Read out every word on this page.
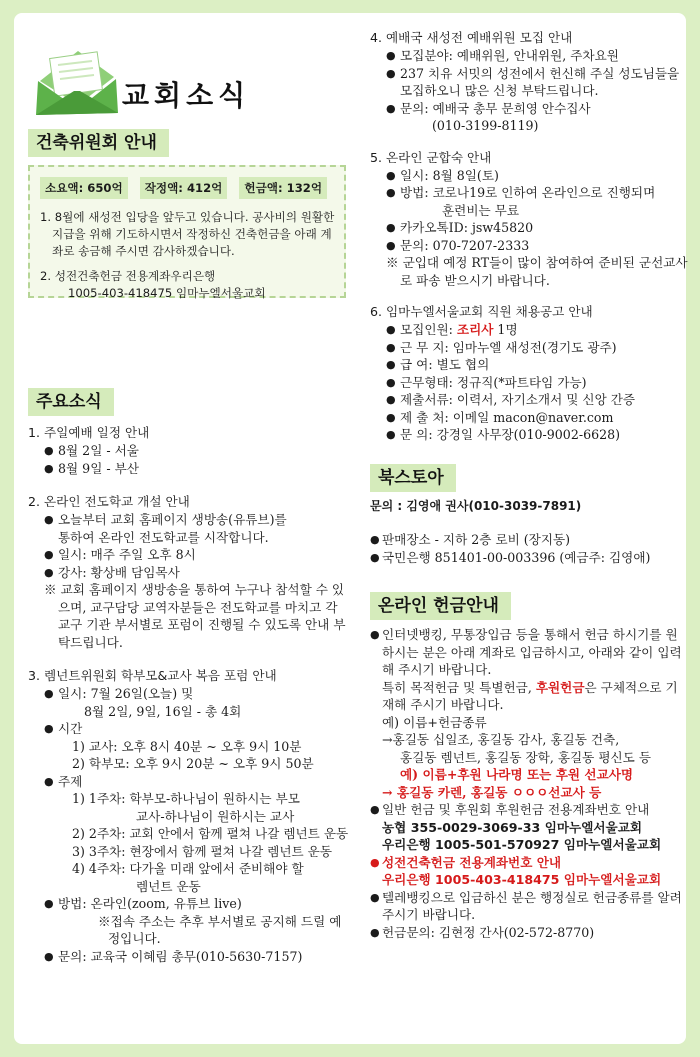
교회소식
건축위원회 안내
소요액: 650억	작정액: 412억	헌금액: 132억
1. 8월에 새성전 입당을 앞두고 있습니다. 공사비의 원활한 지급을 위해 기도하시면서 작정하신 건축헌금을 아래 계좌로 송금해 주시면 감사하겠습니다.
2. 성전건축헌금 전용계좌우리은행
1005-403-418475 임마누엘서울교회
주요소식
1. 주일예배 일정 안내
● 8월 2일 - 서울
● 8월 9일 - 부산
2. 온라인 전도학교 개설 안내
● 오늘부터 교회 홈페이지 생방송(유튜브)를
통하여 온라인 전도학교를 시작합니다.
● 일시: 매주 주일 오후 8시
● 강사: 황상배 담임목사
※ 교회 홈페이지 생방송을 통하여 누구나 참석할 수 있으며, 교구담당 교역자분들은 전도학교를 마치고 각 교구 기관 부서별로 포럼이 진행될 수 있도록 안내 부탁드립니다.
3. 렘넌트위원회 학부모&교사 복음 포럼 안내
● 일시: 7월 26일(오늘) 및
8월 2일, 9일, 16일 - 총 4회
● 시간
1) 교사: 오후 8시 40분 ~ 오후 9시 10분
2) 학부모: 오후 9시 20분 ~ 오후 9시 50분
● 주제
1) 1주차: 학부모-하나님이 원하시는 부모
교사-하나님이 원하시는 교사
2) 2주차: 교회 안에서 함께 펼쳐 나갈 렘넌트 운동
3) 3주차: 현장에서 함께 펼쳐 나갈 렘넌트 운동
4) 4주차: 다가올 미래 앞에서 준비해야 할
렘넌트 운동
● 방법: 온라인(zoom, 유튜브 live)
※접속 주소는 추후 부서별로 공지해 드릴 예정입니다.
● 문의: 교육국 이혜림 총무(010-5630-7157)
4. 예배국 새성전 예배위원 모집 안내
● 모집분야: 예배위원, 안내위원, 주차요원
● 237 치유 서밋의 성전에서 헌신해 주실 성도님들을 모집하오니 많은 신청 부탁드립니다.
● 문의: 예배국 총무 문희영 안수집사
(010-3199-8119)
5. 온라인 군합숙 안내
● 일시: 8월 8일(토)
● 방법: 코로나19로 인하여 온라인으로 진행되며
훈련비는 무료
● 카카오톡ID: jsw45820
● 문의: 070-7207-2333
※ 군입대 예정 RT들이 많이 참여하여 준비된 군선교사로 파송 받으시기 바랍니다.
6. 임마누엘서울교회 직원 채용공고 안내
● 모집인원: 조리사 1명
● 근 무 지: 임마누엘 새성전(경기도 광주)
● 급 여: 별도 협의
● 근무형태: 정규직(*파트타임 가능)
● 제출서류: 이력서, 자기소개서 및 신앙 간증
● 제 출 처: 이메일 macon@naver.com
● 문 의: 강경일 사무장(010-9002-6628)
북스토아
문의 : 김영애 권사(010-3039-7891)
● 판매장소 - 지하 2층 로비 (장지동)
● 국민은행 851401-00-003396 (예금주: 김영애)
온라인 헌금안내
● 인터넷뱅킹, 무통장입금 등을 통해서 헌금 하시기를 원하시는 분은 아래 계좌로 입금하시고, 아래와 같이 입력해 주시기 바랍니다.
특히 목적헌금 및 특별헌금, 후원헌금은 구체적으로 기재해 주시기 바랍니다.
예) 이름+헌금종류
→홍길동 십일조, 홍길동 감사, 홍길동 건축,
홍길동 렘넌트, 홍길동 장학, 홍길동 평신도 등
예) 이름+후원 나라명 또는 후원 선교사명
→ 홍길동 카렌, 홍길동 ㅇㅇㅇ선교사 등
● 일반 헌금 및 후원회 후원헌금 전용계좌번호 안내
농협 355-0029-3069-33 임마누엘서울교회
우리은행 1005-501-570927 임마누엘서울교회
● 성전건축헌금 전용계좌번호 안내
우리은행 1005-403-418475 임마누엘서울교회
● 텔레뱅킹으로 입금하신 분은 행정실로 헌금종류를 알려주시기 바랍니다.
● 헌금문의: 김현정 간사(02-572-8770)
